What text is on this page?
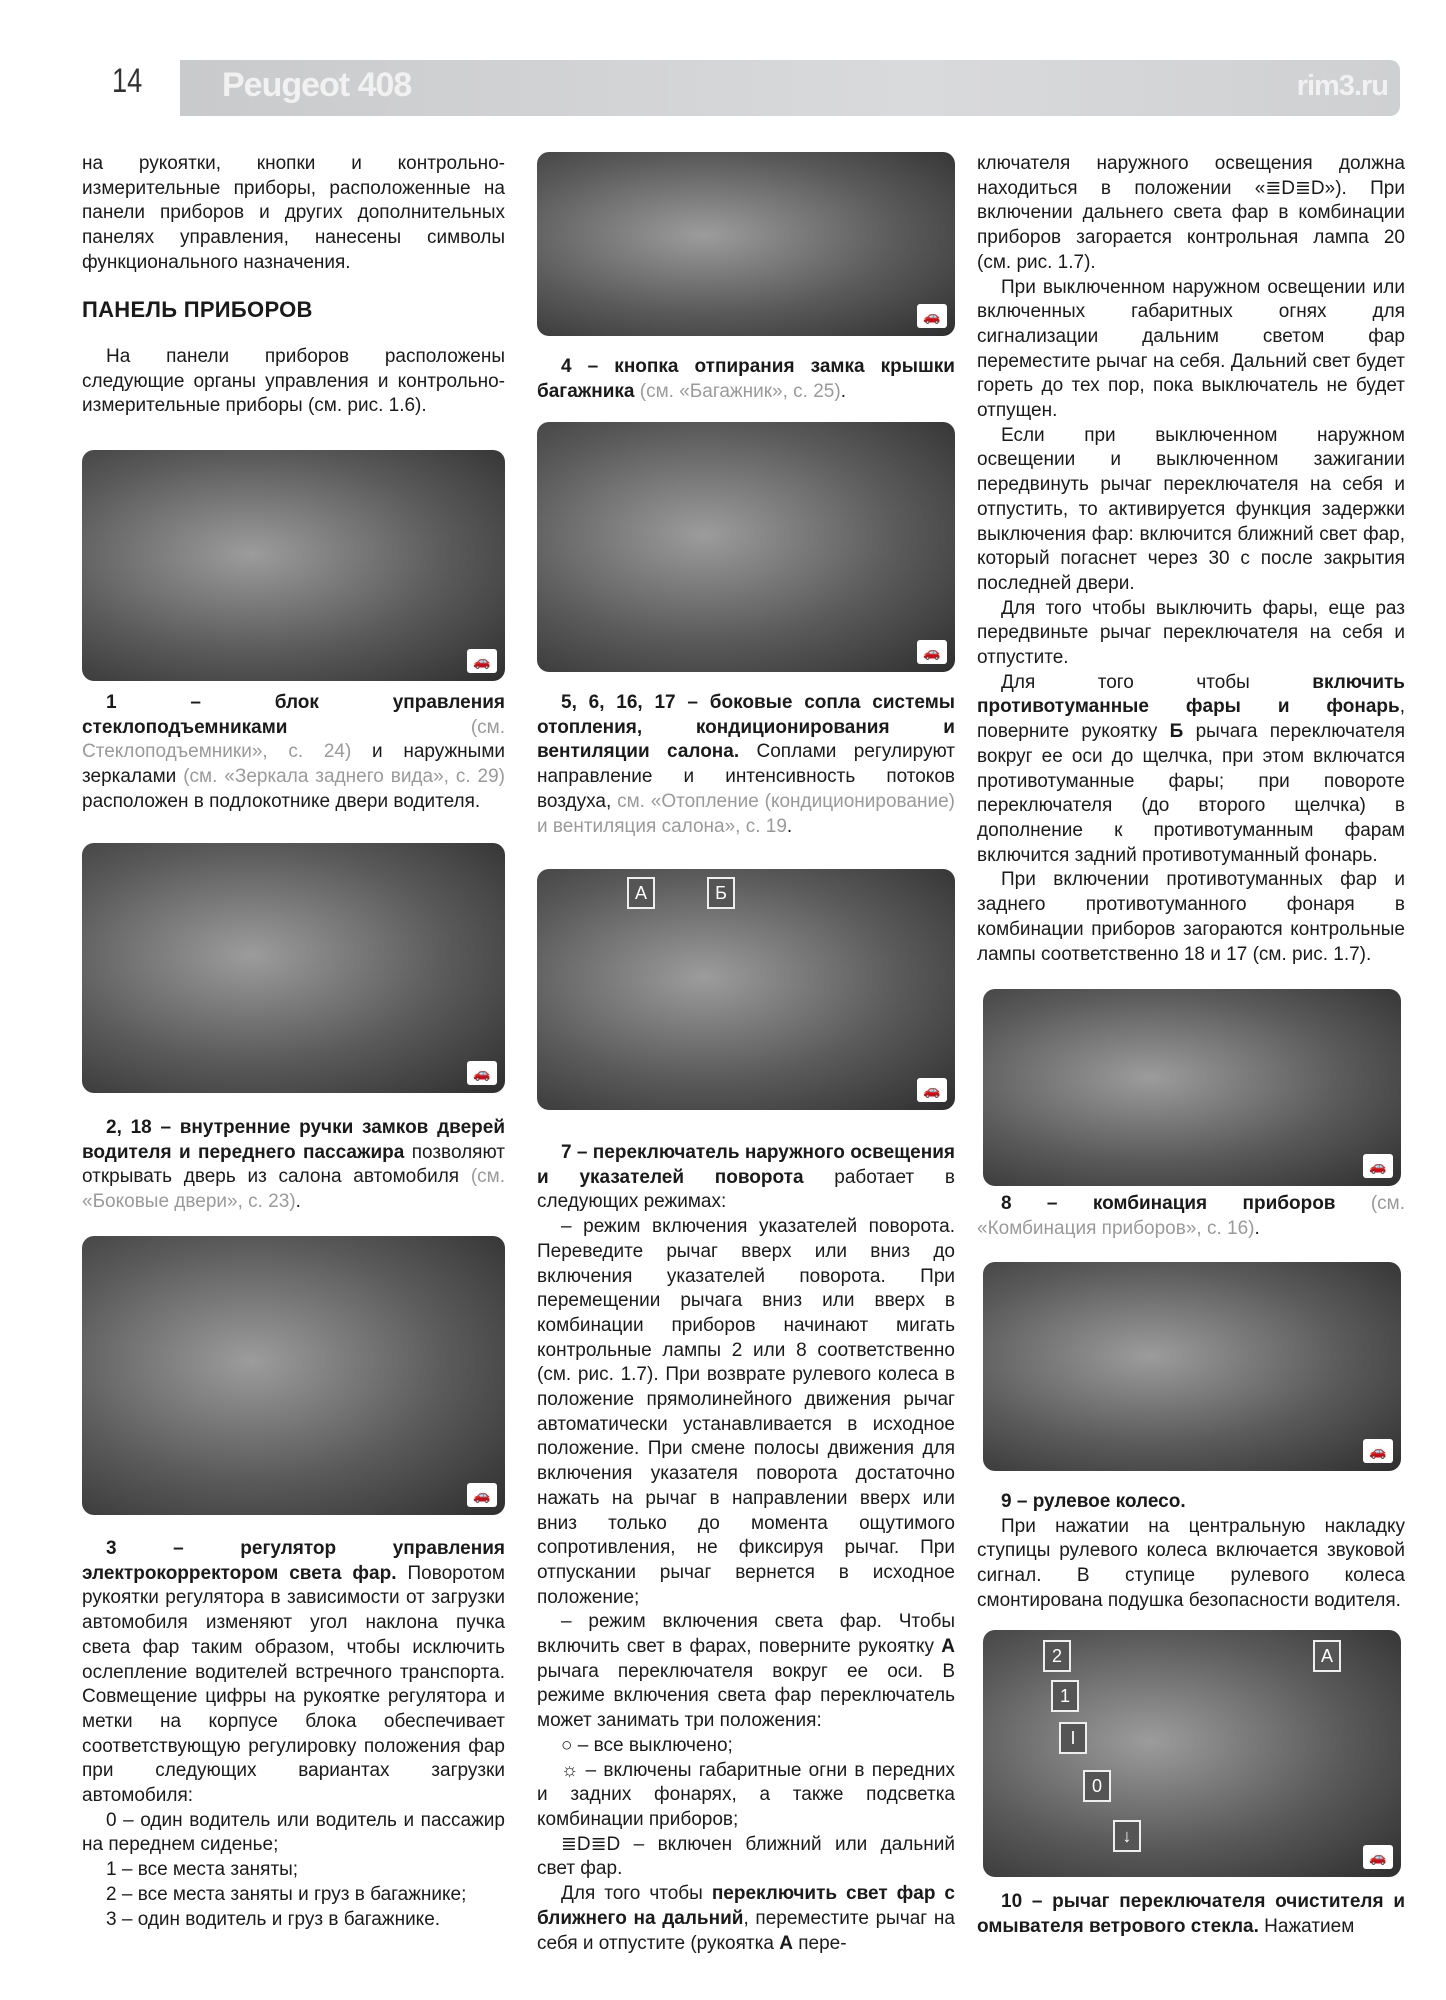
14 Peugeot 408	rim3.ru

на рукоятки, кнопки и контрольно-измерительные приборы, расположенные на панели приборов и других дополнительных панелях управления, нанесены символы функционального назначения.

ПАНЕЛЬ ПРИБОРОВ

На панели приборов расположены следующие органы управления и контрольно-измерительные приборы (см. рис. 1.6).

🚗

1 – блок управления стеклоподъемниками (см. Стеклоподъемники», с. 24) и наружными зеркалами (см. «Зеркала заднего вида», с. 29) расположен в подлокотнике двери водителя.

🚗

2, 18 – внутренние ручки замков дверей водителя и переднего пассажира позволяют открывать дверь из салона автомобиля (см. «Боковые двери», с. 23).

🚗

3 – регулятор управления электрокорректором света фар. Поворотом рукоятки регулятора в зависимости от загрузки автомобиля изменяют угол наклона пучка света фар таким образом, чтобы исключить ослепление водителей встречного транспорта. Совмещение цифры на рукоятке регулятора и метки на корпусе блока обеспечивает соответствующую регулировку положения фар при следующих вариантах загрузки автомобиля:

0 – один водитель или водитель и пассажир на переднем сиденье;

1 – все места заняты;

2 – все места заняты и груз в багажнике;

3 – один водитель и груз в багажнике.

🚗

4 – кнопка отпирания замка крышки багажника (см. «Багажник», с. 25).

🚗

5, 6, 16, 17 – боковые сопла системы отопления, кондиционирования и вентиляции салона. Соплами регулируют направление и интенсивность потоков воздуха, см. «Отопление (кондиционирование) и вентиляция салона», с. 19.

А	Б
🚗

7 – переключатель наружного освещения и указателей поворота работает в следующих режимах:

– режим включения указателей поворота. Переведите рычаг вверх или вниз до включения указателей поворота. При перемещении рычага вниз или вверх в комбинации приборов начинают мигать контрольные лампы 2 или 8 соответственно (см. рис. 1.7). При возврате рулевого колеса в положение прямолинейного движения рычаг автоматически устанавливается в исходное положение. При смене полосы движения для включения указателя поворота достаточно нажать на рычаг в направлении вверх или вниз только до момента ощутимого сопротивления, не фиксируя рычаг. При отпускании рычаг вернется в исходное положение;

– режим включения света фар. Чтобы включить свет в фарах, поверните рукоятку А рычага переключателя вокруг ее оси. В режиме включения света фар переключатель может занимать три положения:

○ – все выключено;

☼ – включены габаритные огни в передних и задних фонарях, а также подсветка комбинации приборов;

≣D≣D – включен ближний или дальний свет фар.

Для того чтобы переключить свет фар с ближнего на дальний, переместите рычаг на себя и отпустите (рукоятка А пере-

ключателя наружного освещения должна находиться в положении «≣D≣D»). При включении дальнего света фар в комбинации приборов загорается контрольная лампа 20 (см. рис. 1.7).

При выключенном наружном освещении или включенных габаритных огнях для сигнализации дальним светом фар переместите рычаг на себя. Дальний свет будет гореть до тех пор, пока выключатель не будет отпущен.

Если при выключенном наружном освещении и выключенном зажигании передвинуть рычаг переключателя на себя и отпустить, то активируется функция задержки выключения фар: включится ближний свет фар, который погаснет через 30 с после закрытия последней двери.

Для того чтобы выключить фары, еще раз передвиньте рычаг переключателя на себя и отпустите.

Для того чтобы включить противотуманные фары и фонарь, поверните рукоятку Б рычага переключателя вокруг ее оси до щелчка, при этом включатся противотуманные фары; при повороте переключателя (до второго щелчка) в дополнение к противотуманным фарам включится задний противотуманный фонарь.

При включении противотуманных фар и заднего противотуманного фонаря в комбинации приборов загораются контрольные лампы соответственно 18 и 17 (см. рис. 1.7).

🚗

8 – комбинация приборов (см. «Комбинация приборов», с. 16).

🚗

9 – рулевое колесо.

При нажатии на центральную накладку ступицы рулевого колеса включается звуковой сигнал. В ступице рулевого колеса смонтирована подушка безопасности водителя.

2
1
I
0
↓
А
🚗

10 – рычаг переключателя очистителя и омывателя ветрового стекла. Нажатием
